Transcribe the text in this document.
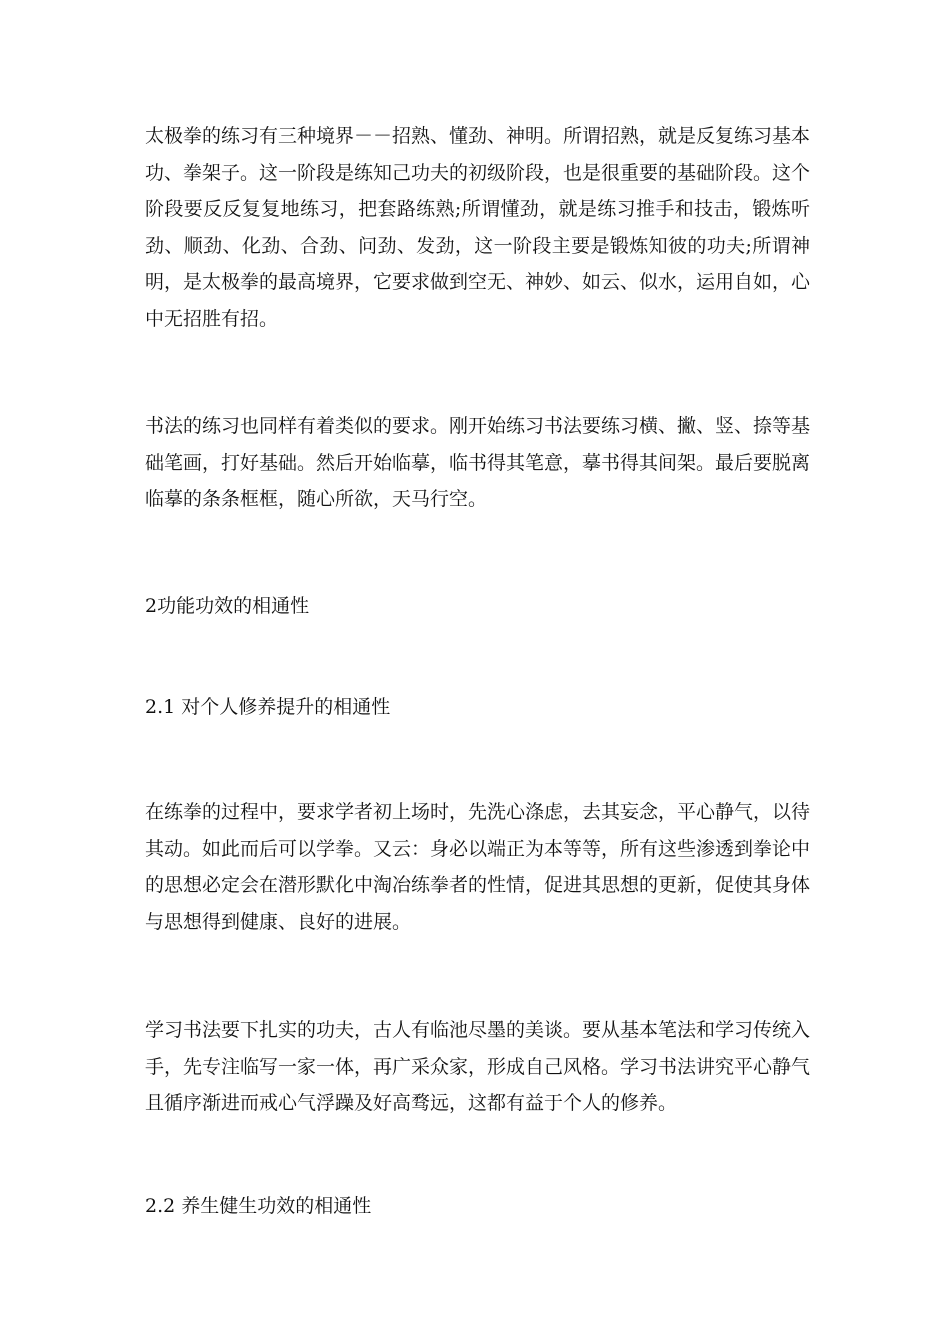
太极拳的练习有三种境界－－招熟、懂劲、神明。所谓招熟，就是反复练习基本功、拳架子。这一阶段是练知己功夫的初级阶段，也是很重要的基础阶段。这个阶段要反反复复地练习，把套路练熟;所谓懂劲，就是练习推手和技击，锻炼听劲、顺劲、化劲、合劲、问劲、发劲，这一阶段主要是锻炼知彼的功夫;所谓神明，是太极拳的最高境界，它要求做到空无、神妙、如云、似水，运用自如，心中无招胜有招。

书法的练习也同样有着类似的要求。刚开始练习书法要练习横、撇、竖、捺等基础笔画，打好基础。然后开始临摹，临书得其笔意，摹书得其间架。最后要脱离临摹的条条框框，随心所欲，天马行空。

2功能功效的相通性

2.1 对个人修养提升的相通性

在练拳的过程中，要求学者初上场时，先洗心涤虑，去其妄念，平心静气，以待其动。如此而后可以学拳。又云：身必以端正为本等等，所有这些渗透到拳论中的思想必定会在潜形默化中淘冶练拳者的性情，促进其思想的更新，促使其身体与思想得到健康、良好的进展。

学习书法要下扎实的功夫，古人有临池尽墨的美谈。要从基本笔法和学习传统入手，先专注临写一家一体，再广采众家，形成自己风格。学习书法讲究平心静气且循序渐进而戒心气浮躁及好高骛远，这都有益于个人的修养。

2.2 养生健生功效的相通性
